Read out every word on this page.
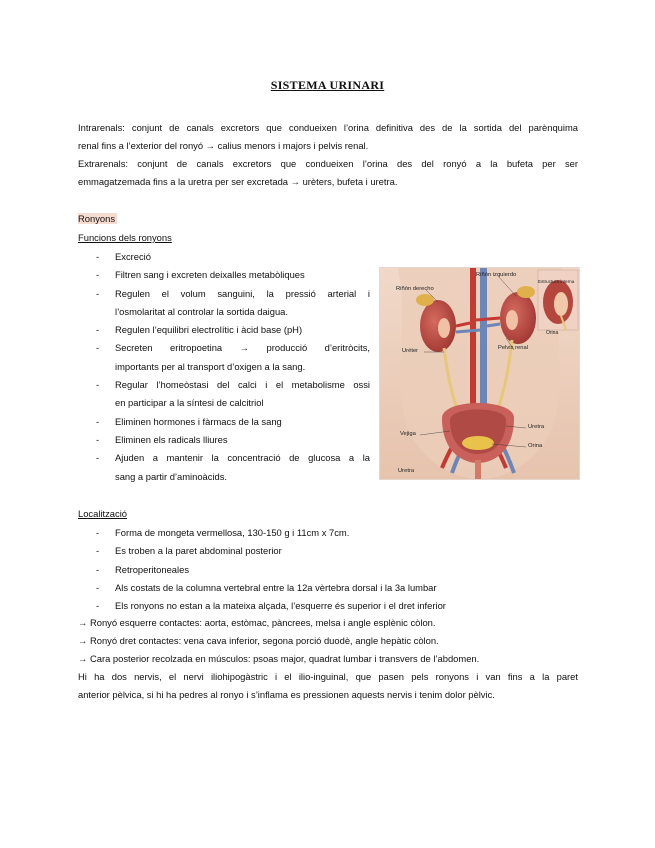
SISTEMA URINARI
Intrarenals: conjunt de canals excretors que condueixen l’orina definitiva des de la sortida del parènquima
renal fins a l’exterior del ronyó → calius menors i majors i pelvis renal.
Extrarenals: conjunt de canals excretors que condueixen l’orina des del ronyó a la bufeta per ser
emmagatzemada fins a la uretra per ser excretada → urèters, bufeta i uretra.
Ronyons
Funcions dels ronyons
- Excreció
- Filtren sang i excreten deixalles metabòliques
- Regulen el volum sanguini, la pressió arterial i
l’osmolaritat al controlar la sortida daigua.
- Regulen l’equilibri electrolític i àcid base (pH)
- Secreten eritropoetina → producció d’eritròcits,
importants per al transport d’oxigen a la sang.
- Regular l’homeòstasi del calci i el metabolisme ossi
en participar a la síntesi de calcitriol
- Eliminen hormones i fàrmacs de la sang
- Eliminen els radicals lliures
- Ajuden a mantenir la concentració de glucosa a la
sang a partir d’aminoàcids.
Riñón derecho
Riñón izquierdo
Estructura interna
Uréter	Pelvis renal
Orina
Uretra
Vejiga
Orina
Uretra
Localització
- Forma de mongeta vermellosa, 130-150 g i 11cm x 7cm.
- Es troben a la paret abdominal posterior
- Retroperitoneales
- Als costats de la columna vertebral entre la 12a vèrtebra dorsal i la 3a lumbar
- Els ronyons no estan a la mateixa alçada, l’esquerre és superior i el dret inferior
→ Ronyó esquerre contactes: aorta, estòmac, pàncrees, melsa i angle esplènic còlon.
→ Ronyó dret contactes: vena cava inferior, segona porció duodè, angle hepàtic còlon.
→ Cara posterior recolzada en músculos: psoas major, quadrat lumbar i transvers de l’abdomen.
Hi ha dos nervis, el nervi iliohipogàstric i el ilio-inguinal, que pasen pels ronyons i van fins a la paret
anterior pèlvica, si hi ha pedres al ronyo i s’inflama es pressionen aquests nervis i tenim dolor pèlvic.
